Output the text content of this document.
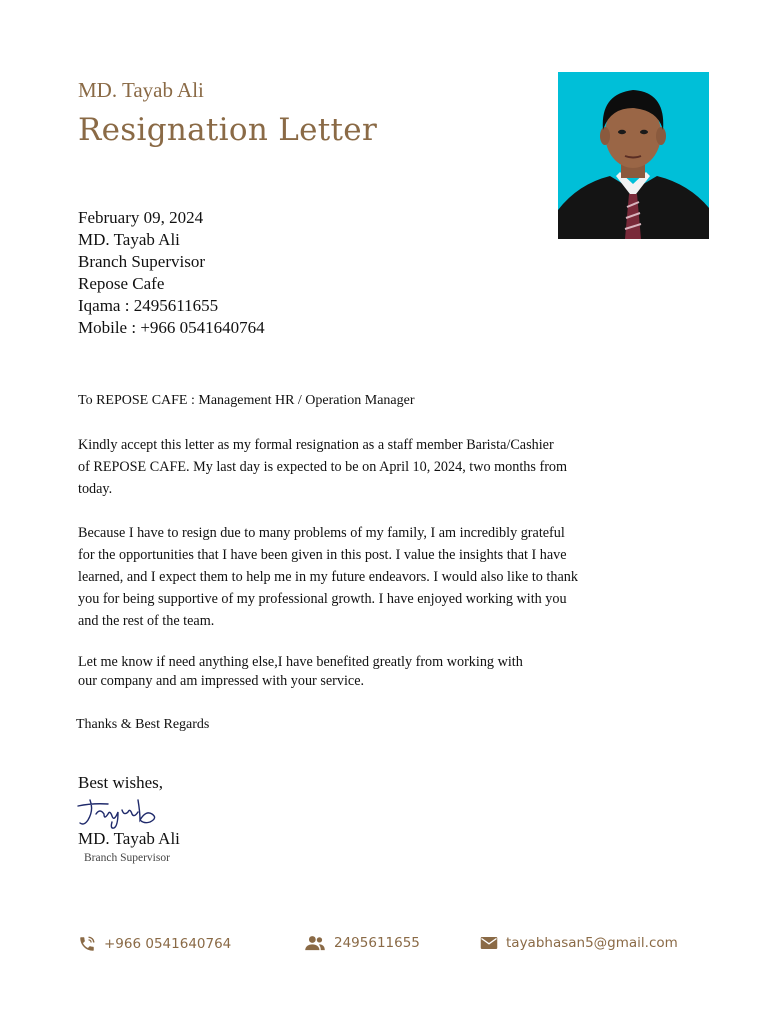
MD. Tayab Ali
Resignation Letter
February 09, 2024
MD. Tayab Ali
Branch Supervisor
Repose Cafe
Iqama : 2495611655
Mobile : +966 0541640764
To REPOSE CAFE : Management HR / Operation Manager
Kindly accept this letter as my formal resignation as a staff member Barista/Cashier
of REPOSE CAFE. My last day is expected to be on April 10, 2024, two months from
today.
Because I have to resign due to many problems of my family, I am incredibly grateful
for the opportunities that I have been given in this post. I value the insights that I have
learned, and I expect them to help me in my future endeavors. I would also like to thank
you for being supportive of my professional growth. I have enjoyed working with you
and the rest of the team.
Let me know if need anything else,I have benefited greatly from working with
our company and am impressed with your service.
Thanks & Best Regards
Best wishes,
MD. Tayab Ali
Branch Supervisor
+966 0541640764	2495611655	tayabhasan5@gmail.com
